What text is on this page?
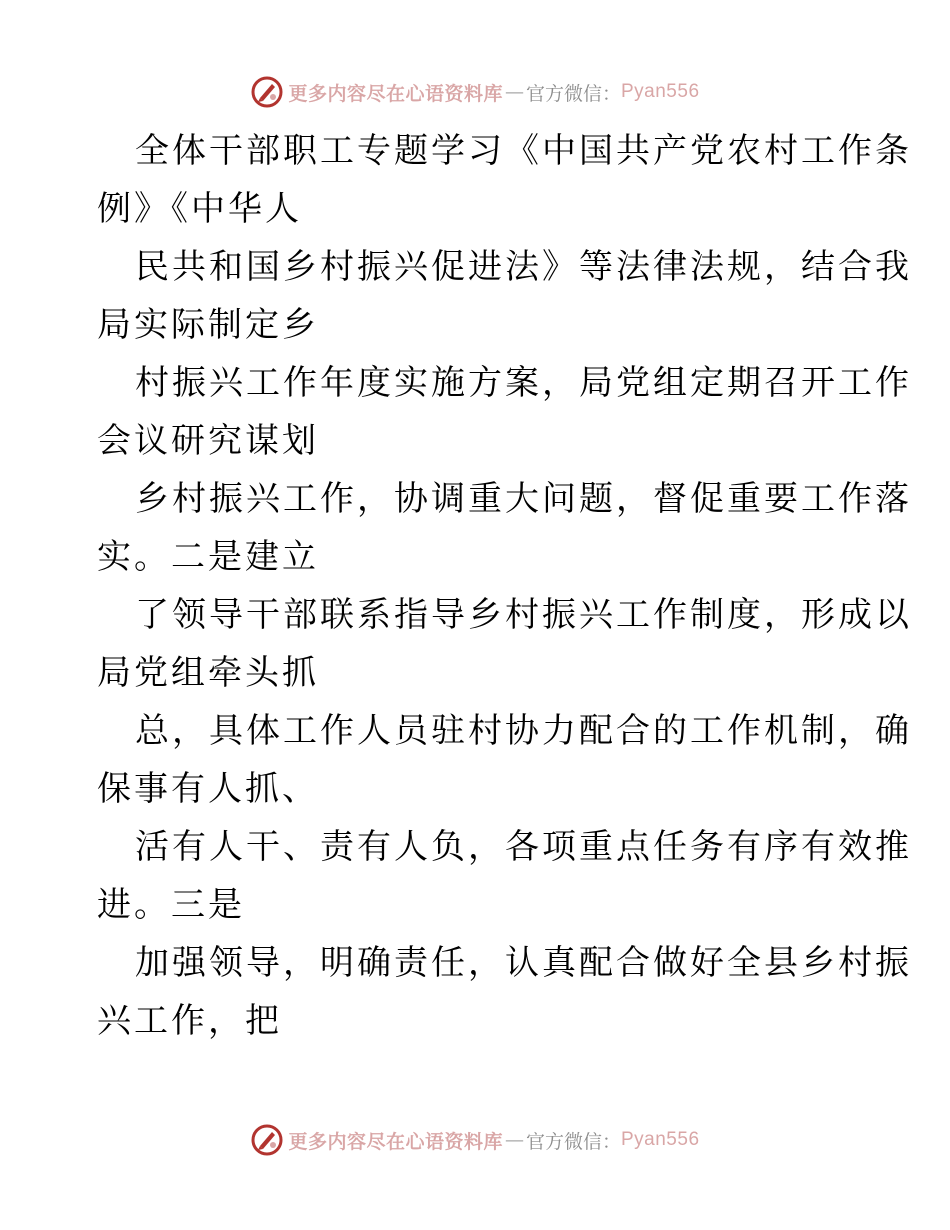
更多内容尽在心语资料库 — 官方微信： Pyan556

全体干部职工专题学习《中国共产党农村工作条
例》《中华人

民共和国乡村振兴促进法》等法律法规，结合我
局实际制定乡

村振兴工作年度实施方案，局党组定期召开工作
会议研究谋划

乡村振兴工作，协调重大问题，督促重要工作落
实。二是建立

了领导干部联系指导乡村振兴工作制度，形成以
局党组牵头抓

总，具体工作人员驻村协力配合的工作机制，确
保事有人抓、

活有人干、责有人负，各项重点任务有序有效推
进。三是

加强领导，明确责任，认真配合做好全县乡村振
兴工作，把

更多内容尽在心语资料库 — 官方微信： Pyan556
